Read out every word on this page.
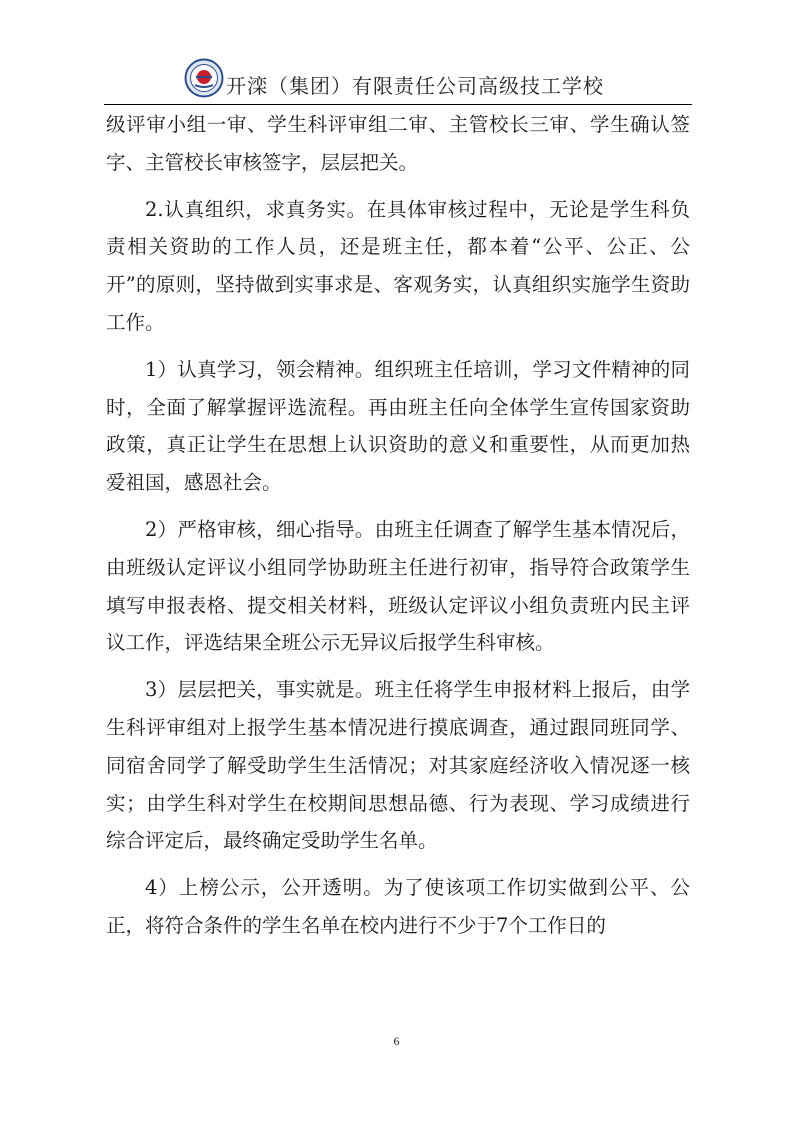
开滦（集团）有限责任公司高级技工学校

级评审小组一审、学生科评审组二审、主管校长三审、学生确认签字、主管校长审核签字，层层把关。

2.认真组织，求真务实。在具体审核过程中，无论是学生科负责相关资助的工作人员，还是班主任，都本着“公平、公正、公开”的原则，坚持做到实事求是、客观务实，认真组织实施学生资助工作。

1）认真学习，领会精神。组织班主任培训，学习文件精神的同时，全面了解掌握评选流程。再由班主任向全体学生宣传国家资助政策，真正让学生在思想上认识资助的意义和重要性，从而更加热爱祖国，感恩社会。

2）严格审核，细心指导。由班主任调查了解学生基本情况后，由班级认定评议小组同学协助班主任进行初审，指导符合政策学生填写申报表格、提交相关材料，班级认定评议小组负责班内民主评议工作，评选结果全班公示无异议后报学生科审核。

3）层层把关，事实就是。班主任将学生申报材料上报后，由学生科评审组对上报学生基本情况进行摸底调查，通过跟同班同学、同宿舍同学了解受助学生生活情况；对其家庭经济收入情况逐一核实；由学生科对学生在校期间思想品德、行为表现、学习成绩进行综合评定后，最终确定受助学生名单。

4）上榜公示，公开透明。为了使该项工作切实做到公平、公正，将符合条件的学生名单在校内进行不少于7个工作日的

6
